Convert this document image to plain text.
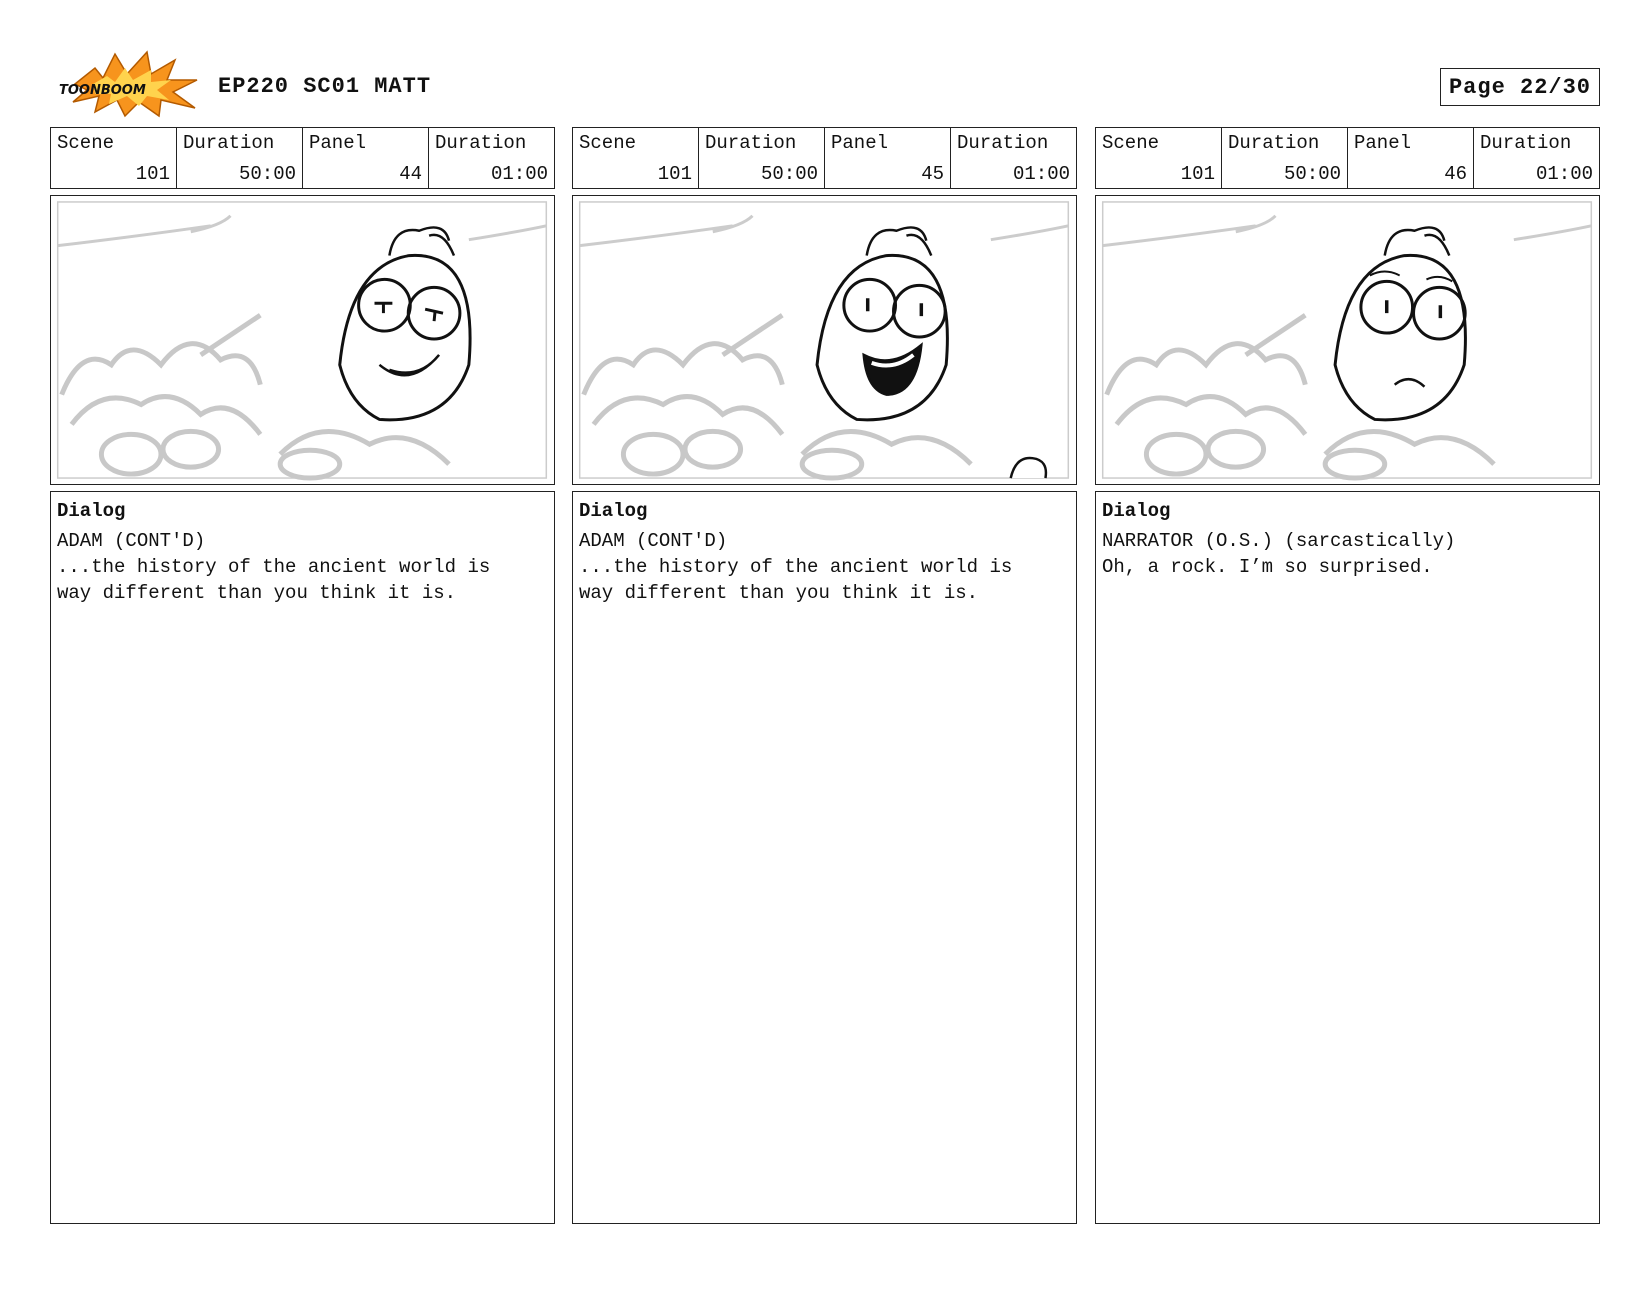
TOONBOOM	EP220 SC01 MATT	Page 22/30
Scene
101
Duration
50:00
Panel
44
Duration
01:00
Dialog
ADAM (CONT'D)
...the history of the ancient world is
way different than you think it is.
Scene
101
Duration
50:00
Panel
45
Duration
01:00
Dialog
ADAM (CONT'D)
...the history of the ancient world is
way different than you think it is.
Scene
101
Duration
50:00
Panel
46
Duration
01:00
Dialog
NARRATOR (O.S.) (sarcastically)
Oh, a rock. I’m so surprised.
